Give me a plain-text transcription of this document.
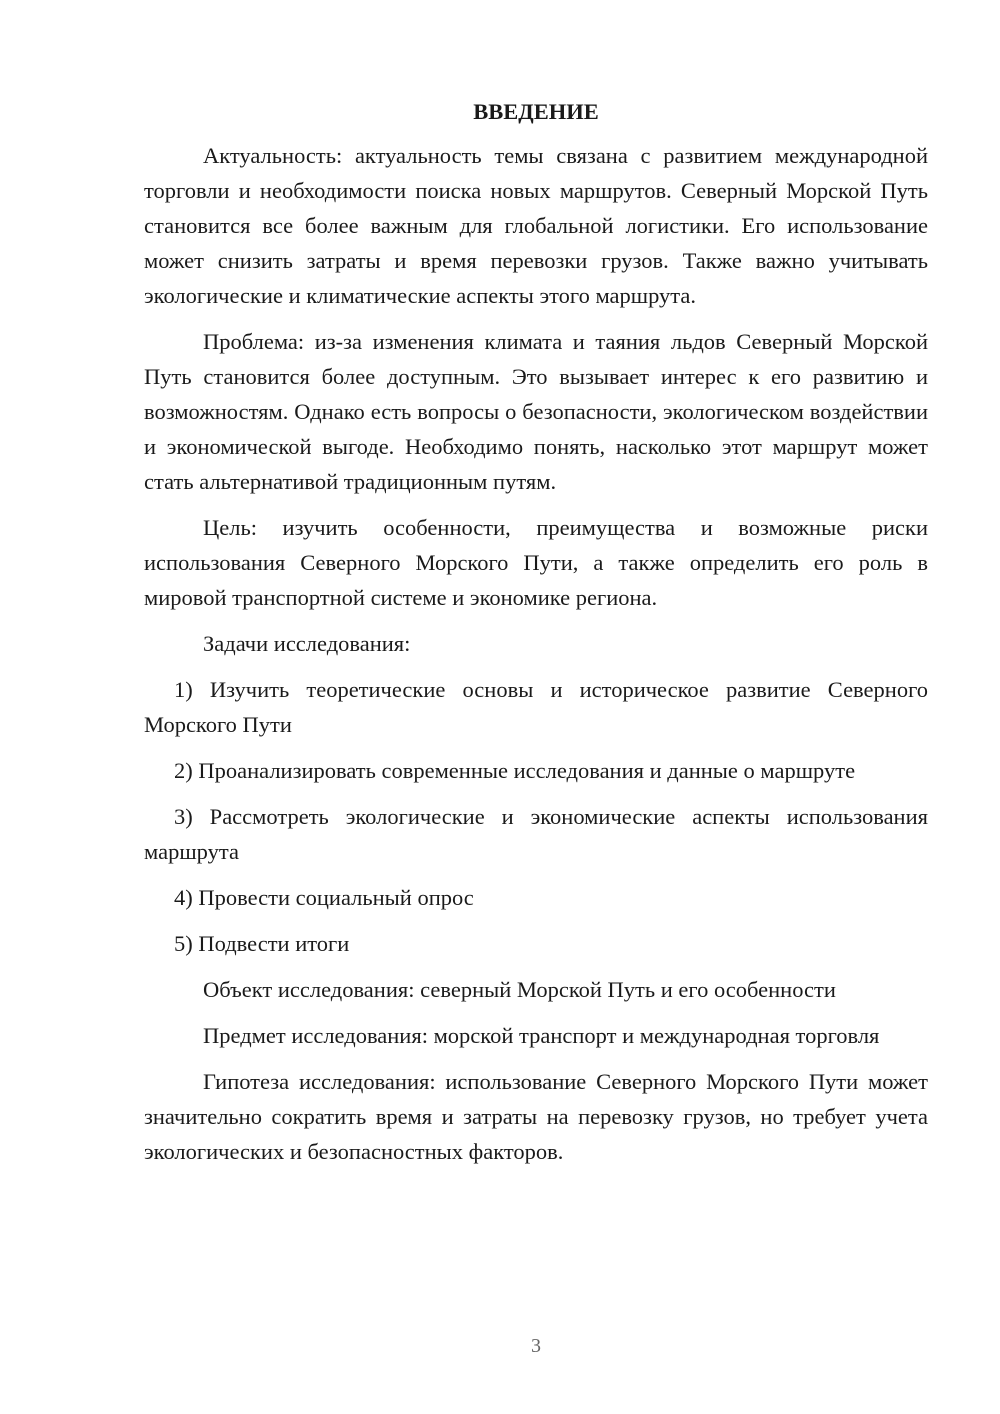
ВВЕДЕНИЕ

Актуальность: актуальность темы связана с развитием международной торговли и необходимости поиска новых маршрутов. Северный Морской Путь становится все более важным для глобальной логистики. Его использование может снизить затраты и время перевозки грузов. Также важно учитывать экологические и климатические аспекты этого маршрута.

Проблема: из-за изменения климата и таяния льдов Северный Морской Путь становится более доступным. Это вызывает интерес к его развитию и возможностям. Однако есть вопросы о безопасности, экологическом воздействии и экономической выгоде. Необходимо понять, насколько этот маршрут может стать альтернативой традиционным путям.

Цель: изучить особенности, преимущества и возможные риски использования Северного Морского Пути, а также определить его роль в мировой транспортной системе и экономике региона.

Задачи исследования:

1) Изучить теоретические основы и историческое развитие Северного Морского Пути

2) Проанализировать современные исследования и данные о маршруте

3) Рассмотреть экологические и экономические аспекты использования маршрута

4) Провести социальный опрос

5) Подвести итоги

Объект исследования: северный Морской Путь и его особенности

Предмет исследования: морской транспорт и международная торговля

Гипотеза исследования: использование Северного Морского Пути может значительно сократить время и затраты на перевозку грузов, но требует учета экологических и безопасностных факторов.

3
